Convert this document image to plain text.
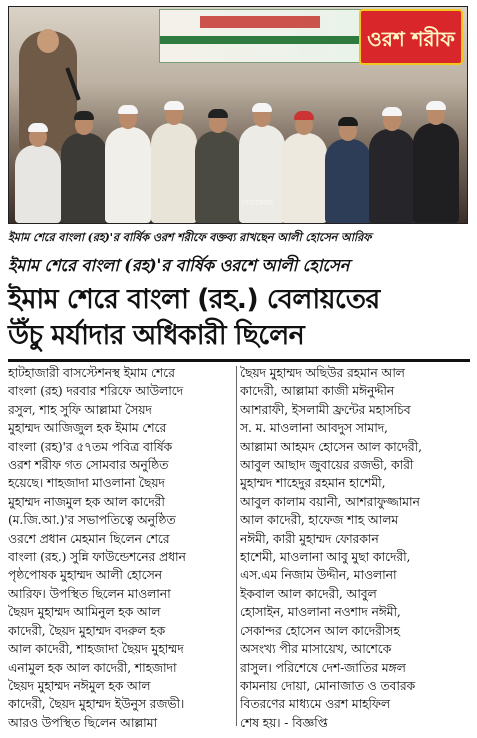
ওরশ শরীফ
নেত্রকোনা
ইমাম শেরে বাংলা (রহ)'র বার্ষিক ওরশ শরীফে বক্তব্য রাখছেন আলী হোসেন আরিফ
ইমাম শেরে বাংলা (রহ)'র বার্ষিক ওরশে আলী হোসেন
ইমাম শেরে বাংলা (রহ.) বেলায়তের
উঁচু মর্যাদার অধিকারী ছিলেন

হাটহাজারী বাসস্টেশনস্থ ইমাম শেরে

বাংলা (রহ) দরবার শরিফে আউলাদে

রসুল, শাহ সুফি আল্লামা সৈয়দ

মুহাম্মদ আজিজুল হক ইমাম শেরে

বাংলা (রহ)'র ৫৭তম পবিত্র বার্ষিক

ওরশ শরীফ গত সোমবার অনুষ্ঠিত

হয়েছে। শাহজাদা মাওলানা ছৈয়দ

মুহাম্মদ নাজমুল হক আল কাদেরী

(ম.জি.আ.)'র সভাপতিত্বে অনুষ্ঠিত

ওরশে প্রধান মেহমান ছিলেন শেরে

বাংলা (রহ.) সুন্নি ফাউন্ডেশনের প্রধান

পৃষ্ঠপোষক মুহাম্মদ আলী হোসেন

আরিফ। উপস্থিত ছিলেন মাওলানা

ছৈয়দ মুহাম্মদ আমিনুল হক আল

কাদেরী, ছৈয়দ মুহাম্মদ বদরুল হক

আল কাদেরী, শাহজাদা ছৈয়দ মুহাম্মদ

এনামুল হক আল কাদেরী, শাহজাদা

ছৈয়দ মুহাম্মদ নঈমুল হক আল

কাদেরী, ছৈয়দ মুহাম্মদ ইউনুস রজভী।

আরও উপস্থিত ছিলেন আল্লামা

ছৈয়দ মুহাম্মদ অছিউর রহমান আল

কাদেরী, আল্লামা কাজী মঈনুদ্দীন

আশরাফী, ইসলামী ফ্রন্টের মহাসচিব

স. ম. মাওলানা আবদুস সামাদ,

আল্লামা আহমদ হোসেন আল কাদেরী,

আবুল আছাদ জুবায়ের রজভী, কারী

মুহাম্মদ শাহেদুর রহমান হাশেমী,

আবুল কালাম বয়ানী, আশরাফুজ্জামান

আল কাদেরী, হাফেজ শাহ আলম

নঈমী, কারী মুহাম্মদ ফোরকান

হাশেমী, মাওলানা আবু মুছা কাদেরী,

এস.এম নিজাম উদ্দীন, মাওলানা

ইকবাল আল কাদেরী, আবুল

হোসাইন, মাওলানা নওশাদ নঈমী,

সেকান্দর হোসেন আল কাদেরীসহ

অসংখ্য পীর মাসায়েখ, আশেকে

রাসুল। পরিশেষে দেশ-জাতির মঙ্গল

কামনায় দোয়া, মোনাজাত ও তবারক

বিতরণের মাধ্যমে ওরশ মাহফিল

শেষ হয়। - বিজ্ঞপ্তি
